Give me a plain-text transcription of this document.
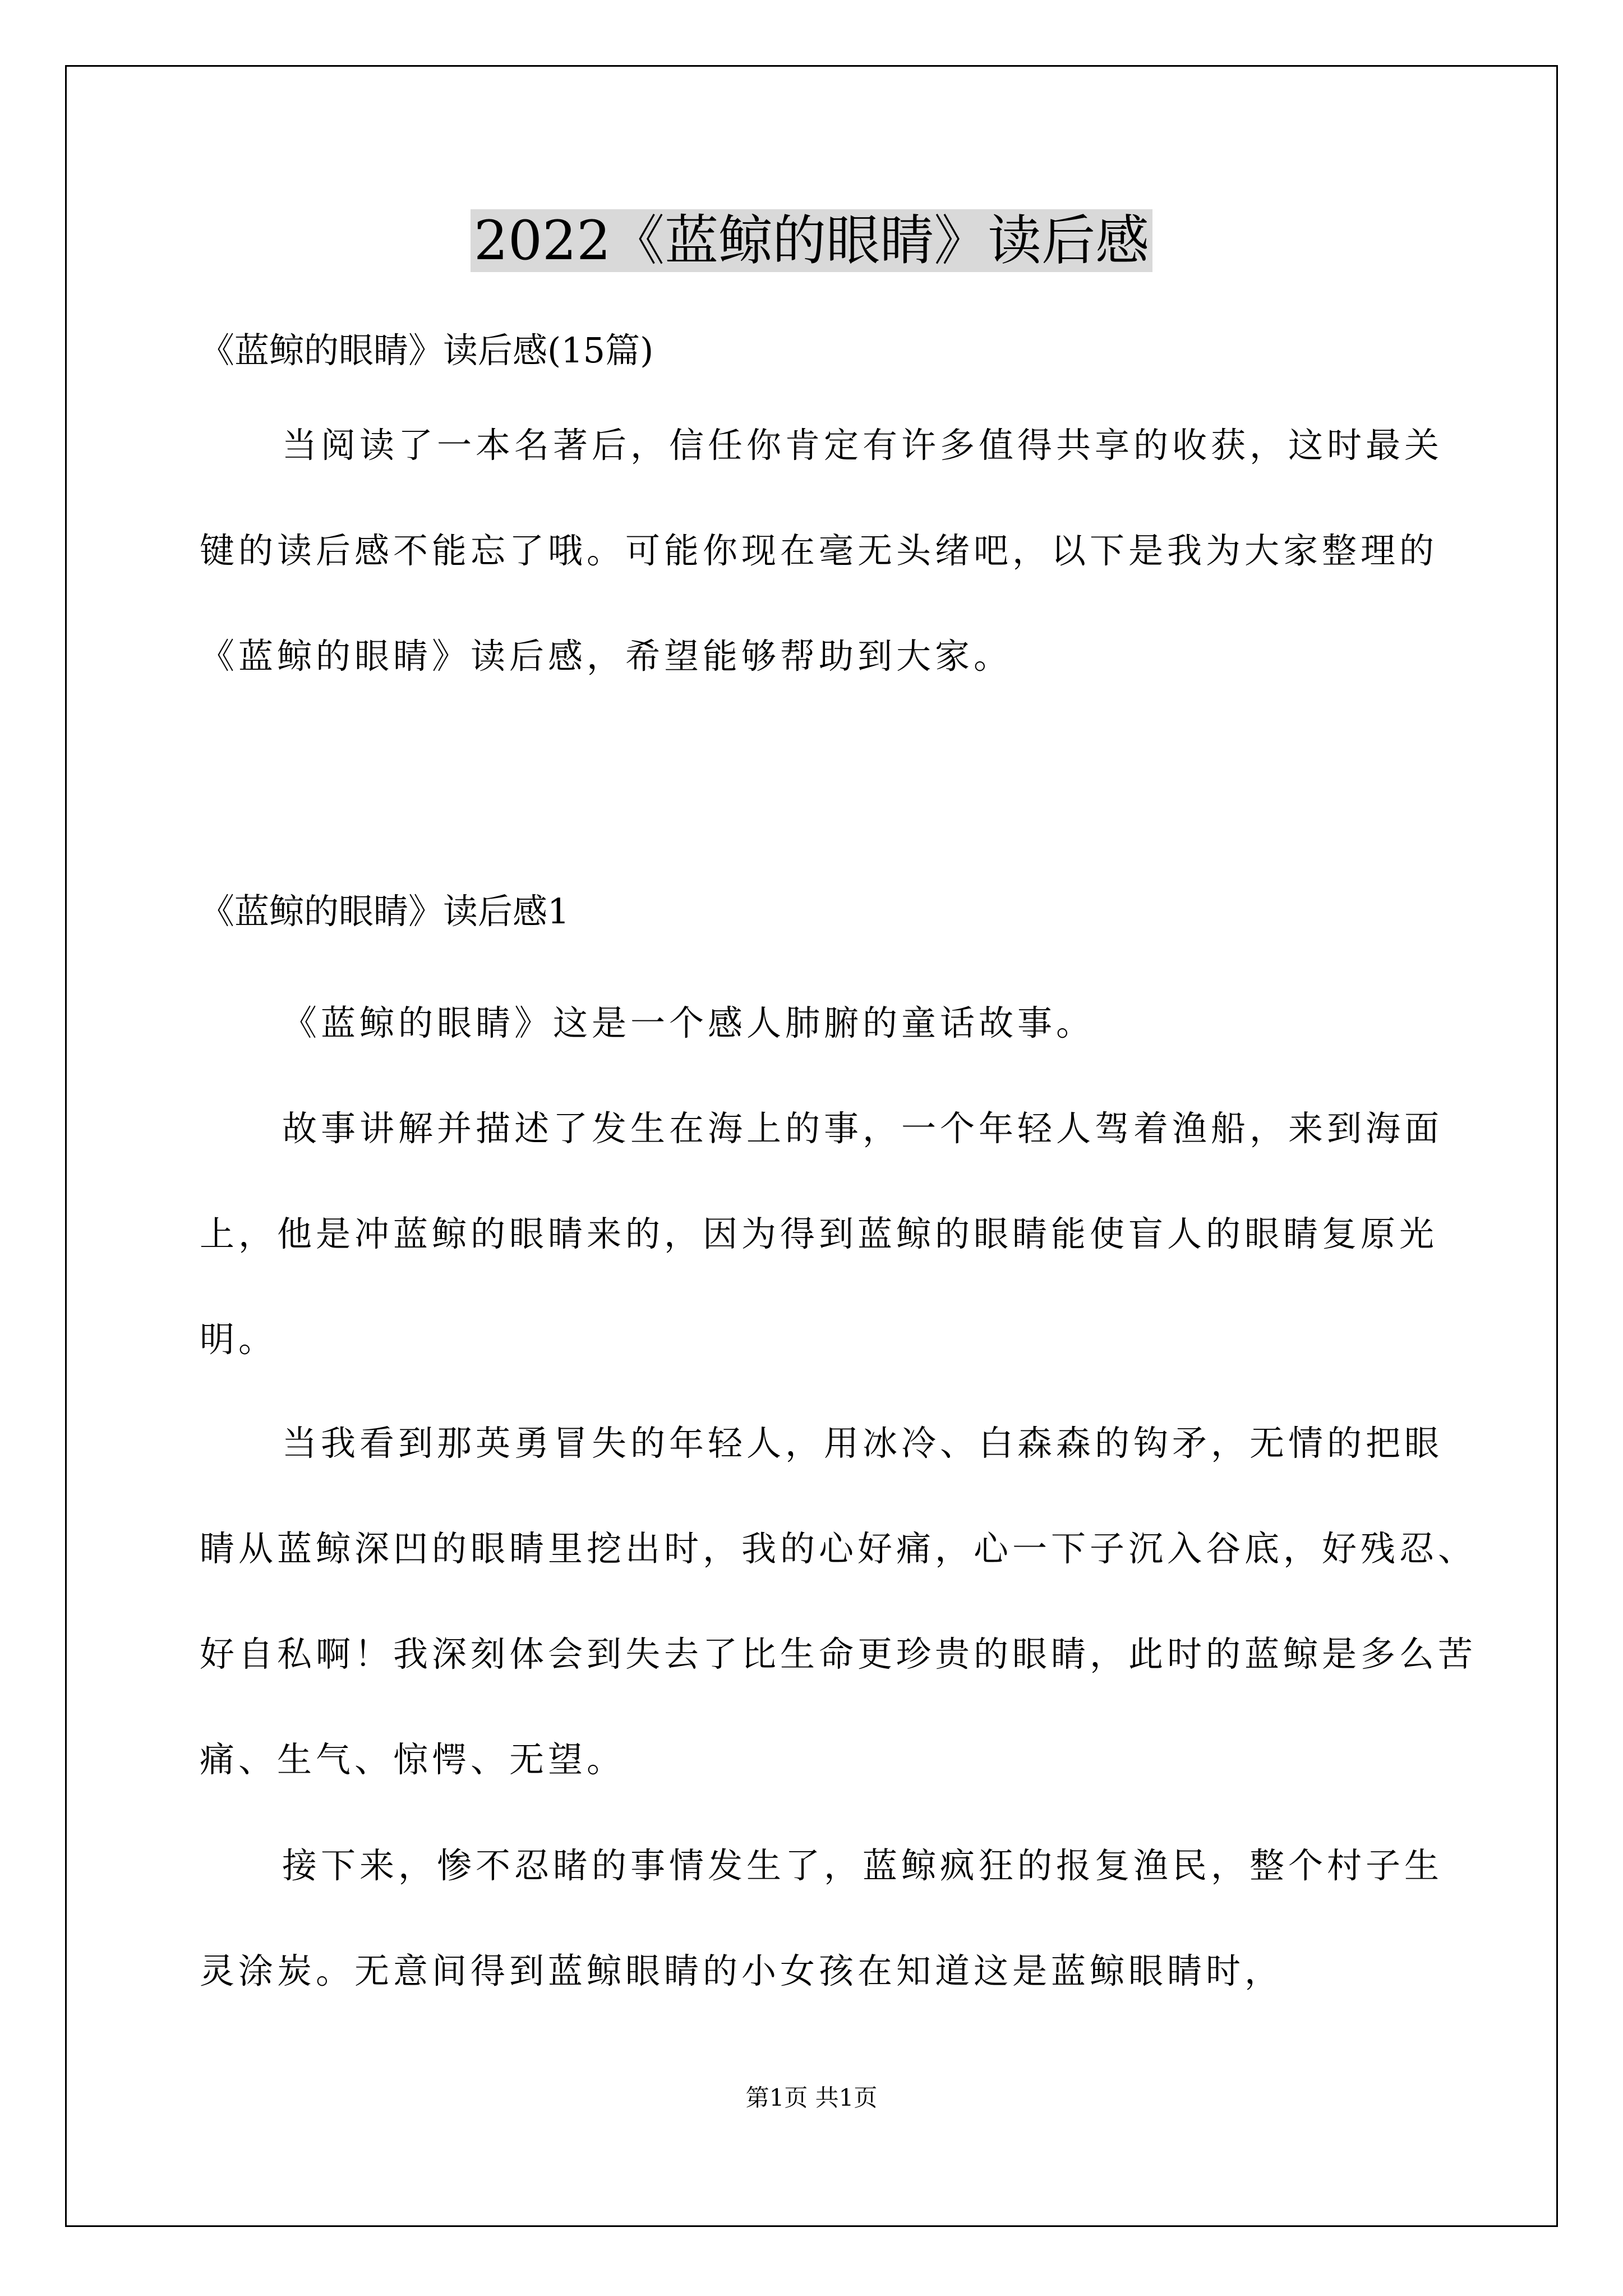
2022《蓝鲸的眼睛》读后感

《蓝鲸的眼睛》读后感(15篇)

当阅读了一本名著后，信任你肯定有许多值得共享的收获，这时最关键的读后感不能忘了哦。可能你现在毫无头绪吧，以下是我为大家整理的《蓝鲸的眼睛》读后感，希望能够帮助到大家。

《蓝鲸的眼睛》读后感1

《蓝鲸的眼睛》这是一个感人肺腑的童话故事。

故事讲解并描述了发生在海上的事，一个年轻人驾着渔船，来到海面上，他是冲蓝鲸的眼睛来的，因为得到蓝鲸的眼睛能使盲人的眼睛复原光明。

当我看到那英勇冒失的年轻人，用冰冷、白森森的钩矛，无情的把眼睛从蓝鲸深凹的眼睛里挖出时，我的心好痛，心一下子沉入谷底，好残忍、好自私啊！我深刻体会到失去了比生命更珍贵的眼睛，此时的蓝鲸是多么苦痛、生气、惊愕、无望。

接下来，惨不忍睹的事情发生了，蓝鲸疯狂的报复渔民，整个村子生灵涂炭。无意间得到蓝鲸眼睛的小女孩在知道这是蓝鲸眼睛时，

第1页 共1页
